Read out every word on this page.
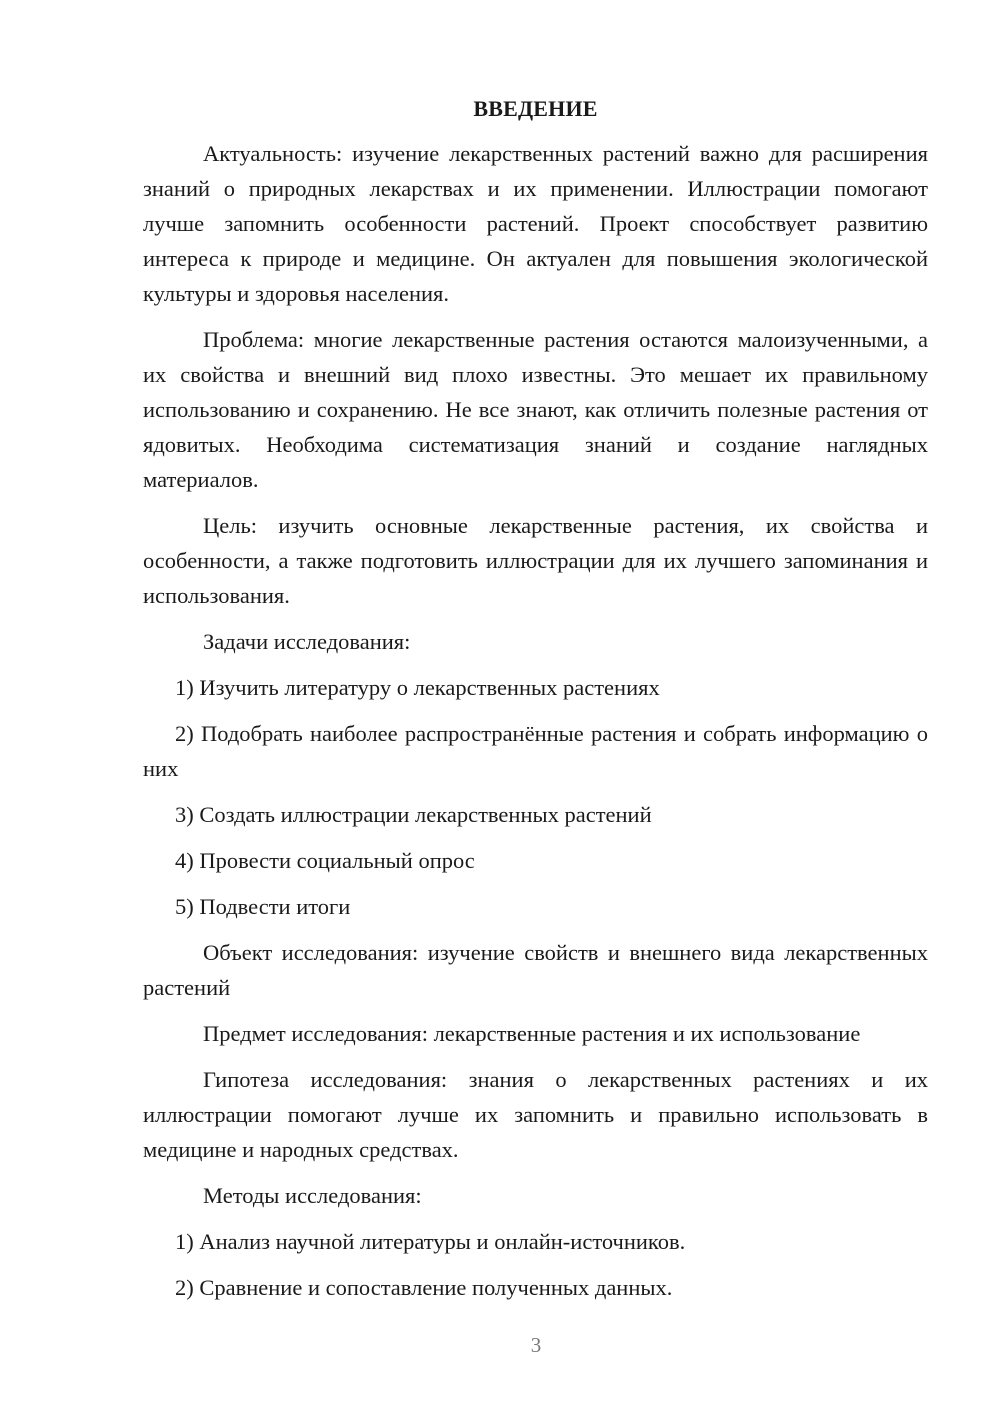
ВВЕДЕНИЕ

Актуальность: изучение лекарственных растений важно для расширения знаний о природных лекарствах и их применении. Иллюстрации помогают лучше запомнить особенности растений. Проект способствует развитию интереса к природе и медицине. Он актуален для повышения экологической культуры и здоровья населения.

Проблема: многие лекарственные растения остаются малоизученными, а их свойства и внешний вид плохо известны. Это мешает их правильному использованию и сохранению. Не все знают, как отличить полезные растения от ядовитых. Необходима систематизация знаний и создание наглядных материалов.

Цель: изучить основные лекарственные растения, их свойства и особенности, а также подготовить иллюстрации для их лучшего запоминания и использования.

Задачи исследования:

1) Изучить литературу о лекарственных растениях

2) Подобрать наиболее распространённые растения и собрать информацию о них

3) Создать иллюстрации лекарственных растений

4) Провести социальный опрос

5) Подвести итоги

Объект исследования: изучение свойств и внешнего вида лекарственных растений

Предмет исследования: лекарственные растения и их использование

Гипотеза исследования: знания о лекарственных растениях и их иллюстрации помогают лучше их запомнить и правильно использовать в медицине и народных средствах.

Методы исследования:

1) Анализ научной литературы и онлайн-источников.

2) Сравнение и сопоставление полученных данных.

3
